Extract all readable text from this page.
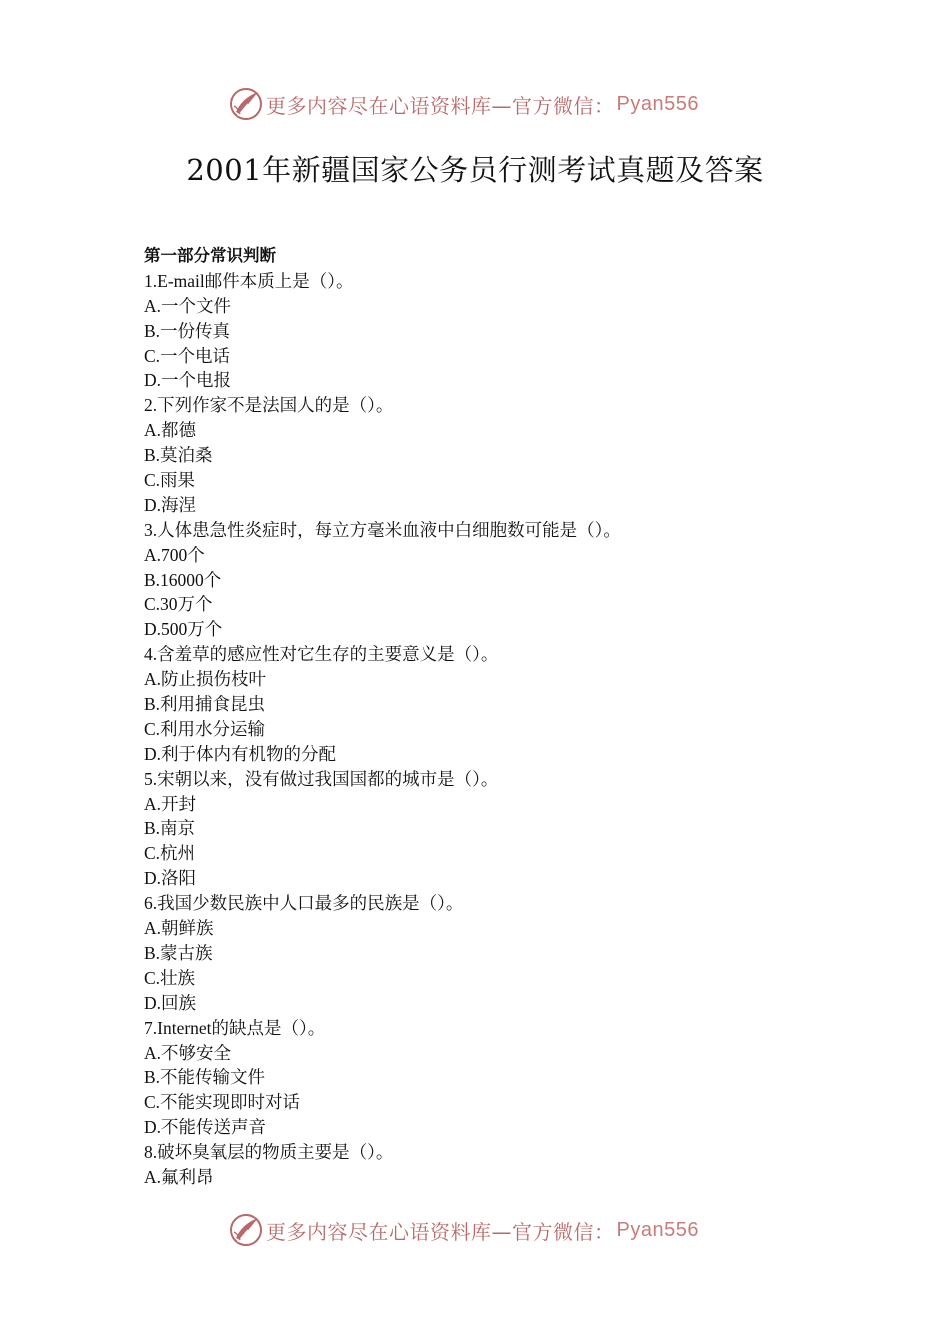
更多内容尽在心语资料库—官方微信： Pyan556
2001年新疆国家公务员行测考试真题及答案
第一部分常识判断
1.E-mail邮件本质上是（）。
A.一个文件
B.一份传真
C.一个电话
D.一个电报
2.下列作家不是法国人的是（）。
A.都德
B.莫泊桑
C.雨果
D.海涅
3.人体患急性炎症时，每立方毫米血液中白细胞数可能是（）。
A.700个
B.16000个
C.30万个
D.500万个
4.含羞草的感应性对它生存的主要意义是（）。
A.防止损伤枝叶
B.利用捕食昆虫
C.利用水分运输
D.利于体内有机物的分配
5.宋朝以来，没有做过我国国都的城市是（）。
A.开封
B.南京
C.杭州
D.洛阳
6.我国少数民族中人口最多的民族是（）。
A.朝鲜族
B.蒙古族
C.壮族
D.回族
7.Internet的缺点是（）。
A.不够安全
B.不能传输文件
C.不能实现即时对话
D.不能传送声音
8.破坏臭氧层的物质主要是（）。
A.氟利昂
更多内容尽在心语资料库—官方微信： Pyan556
